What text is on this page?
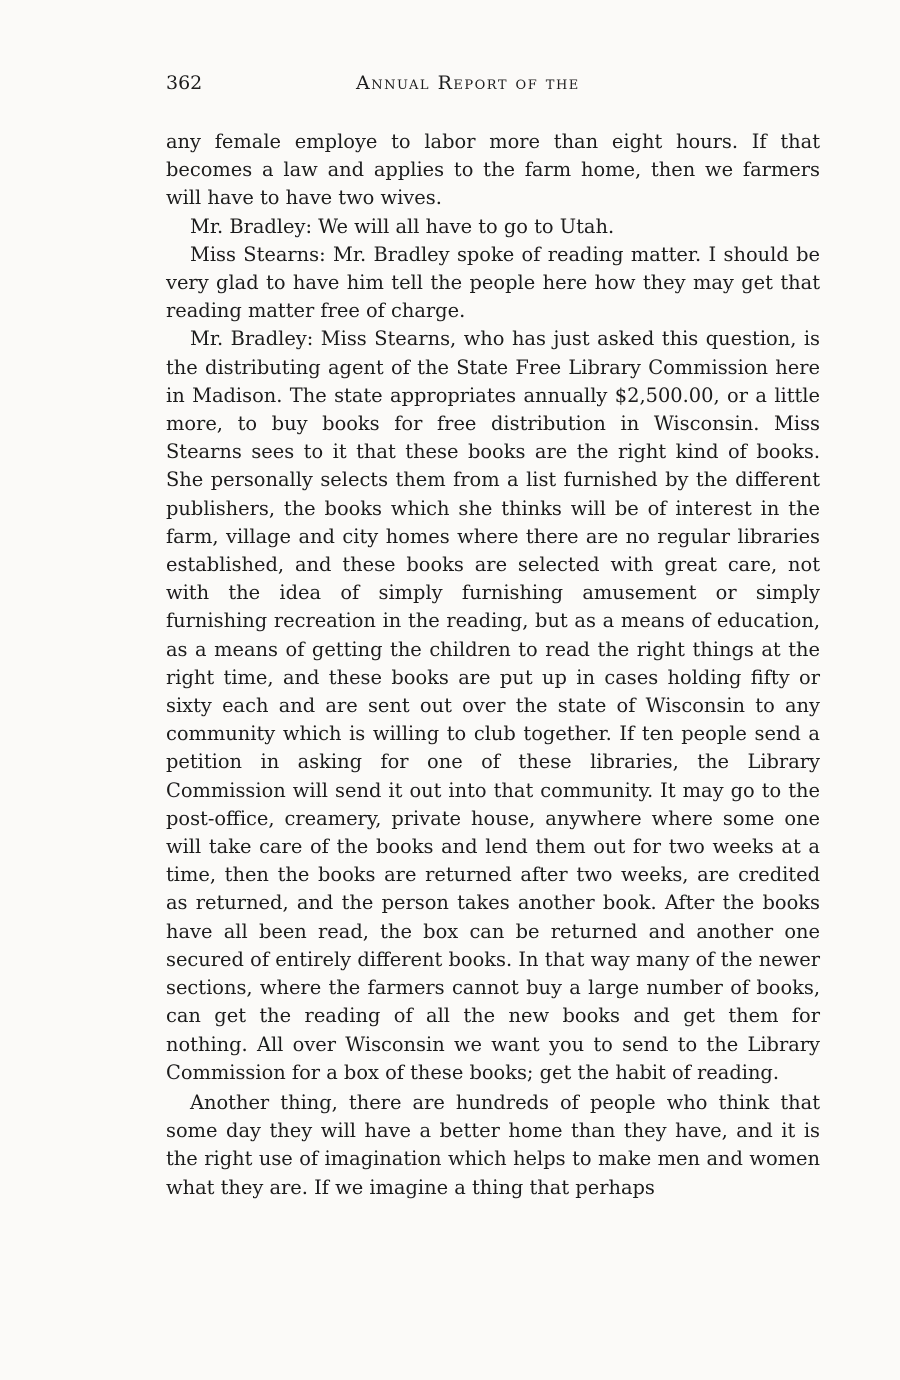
362	Annual Report of the

any female employe to labor more than eight hours. If that becomes a law and applies to the farm home, then we farmers will have to have two wives.

Mr. Bradley: We will all have to go to Utah.

Miss Stearns: Mr. Bradley spoke of reading matter. I should be very glad to have him tell the people here how they may get that reading matter free of charge.

Mr. Bradley: Miss Stearns, who has just asked this question, is the distributing agent of the State Free Library Commission here in Madison. The state appropriates annually $2,500.00, or a little more, to buy books for free distribution in Wisconsin. Miss Stearns sees to it that these books are the right kind of books. She personally selects them from a list furnished by the different publishers, the books which she thinks will be of interest in the farm, village and city homes where there are no regular libraries established, and these books are selected with great care, not with the idea of simply furnishing amusement or simply furnishing recreation in the reading, but as a means of education, as a means of getting the children to read the right things at the right time, and these books are put up in cases holding fifty or sixty each and are sent out over the state of Wisconsin to any community which is willing to club together. If ten people send a petition in asking for one of these libraries, the Library Commission will send it out into that community. It may go to the post-office, creamery, private house, anywhere where some one will take care of the books and lend them out for two weeks at a time, then the books are returned after two weeks, are credited as returned, and the person takes another book. After the books have all been read, the box can be returned and another one secured of entirely different books. In that way many of the newer sections, where the farmers cannot buy a large number of books, can get the reading of all the new books and get them for nothing. All over Wisconsin we want you to send to the Library Commission for a box of these books; get the habit of reading.

Another thing, there are hundreds of people who think that some day they will have a better home than they have, and it is the right use of imagination which helps to make men and women what they are. If we imagine a thing that perhaps
